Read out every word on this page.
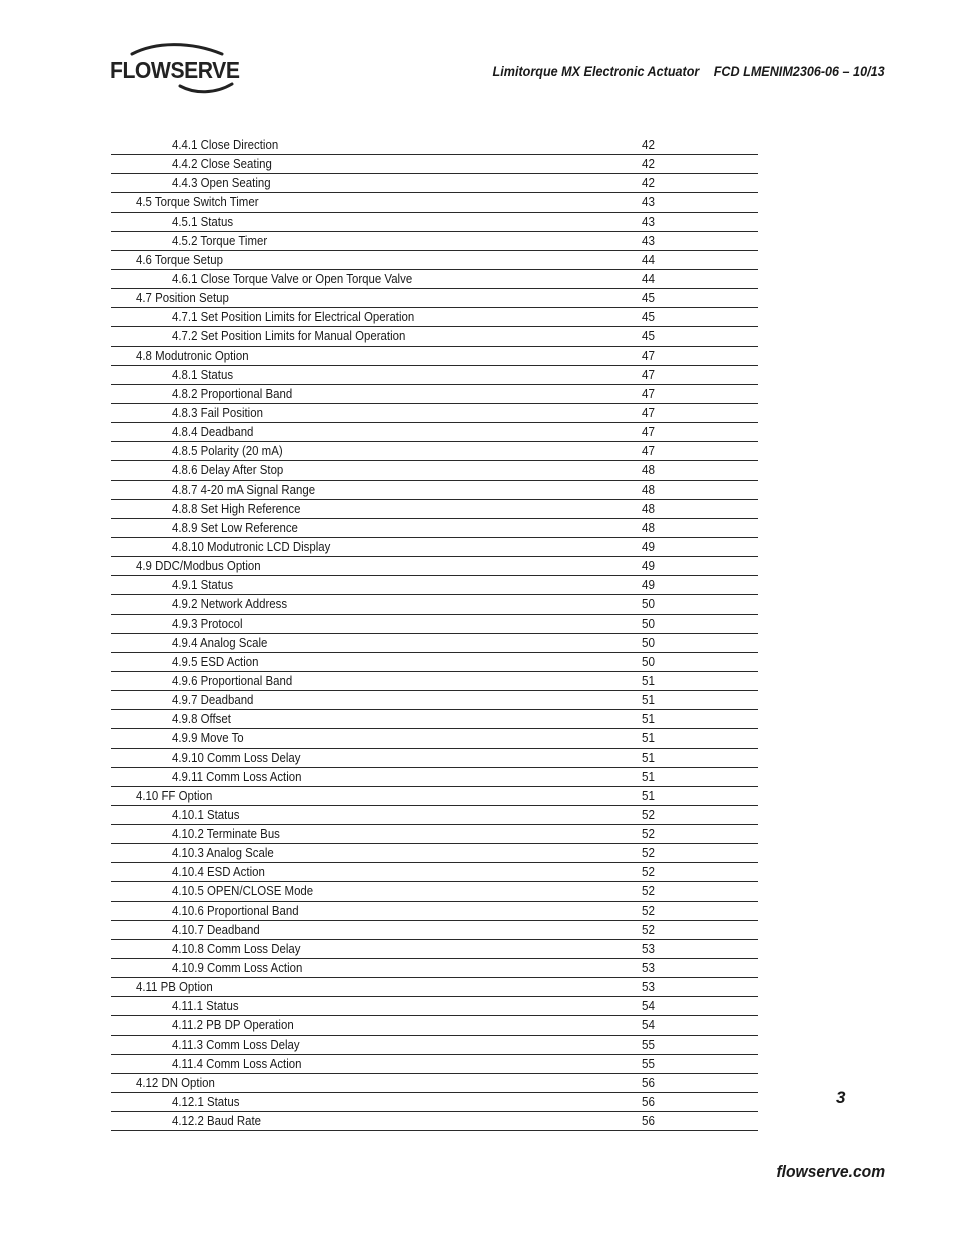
FLOWSERVE	Limitorque MX Electronic Actuator FCD LMENIM2306-06 – 10/13
4.4.1 Close Direction	42
4.4.2 Close Seating	42
4.4.3 Open Seating	42
4.5 Torque Switch Timer	43
4.5.1 Status	43
4.5.2 Torque Timer	43
4.6 Torque Setup	44
4.6.1 Close Torque Valve or Open Torque Valve	44
4.7 Position Setup	45
4.7.1 Set Position Limits for Electrical Operation	45
4.7.2 Set Position Limits for Manual Operation	45
4.8 Modutronic Option	47
4.8.1 Status	47
4.8.2 Proportional Band	47
4.8.3 Fail Position	47
4.8.4 Deadband	47
4.8.5 Polarity (20 mA)	47
4.8.6 Delay After Stop	48
4.8.7 4-20 mA Signal Range	48
4.8.8 Set High Reference	48
4.8.9 Set Low Reference	48
4.8.10 Modutronic LCD Display	49
4.9 DDC/Modbus Option	49
4.9.1 Status	49
4.9.2 Network Address	50
4.9.3 Protocol	50
4.9.4 Analog Scale	50
4.9.5 ESD Action	50
4.9.6 Proportional Band	51
4.9.7 Deadband	51
4.9.8 Offset	51
4.9.9 Move To	51
4.9.10 Comm Loss Delay	51
4.9.11 Comm Loss Action	51
4.10 FF Option	51
4.10.1 Status	52
4.10.2 Terminate Bus	52
4.10.3 Analog Scale	52
4.10.4 ESD Action	52
4.10.5 OPEN/CLOSE Mode	52
4.10.6 Proportional Band	52
4.10.7 Deadband	52
4.10.8 Comm Loss Delay	53
4.10.9 Comm Loss Action	53
4.11 PB Option	53
4.11.1 Status	54
4.11.2 PB DP Operation	54
4.11.3 Comm Loss Delay	55
4.11.4 Comm Loss Action	55
4.12 DN Option	56
4.12.1 Status	56
4.12.2 Baud Rate	56
3
flowserve.com
